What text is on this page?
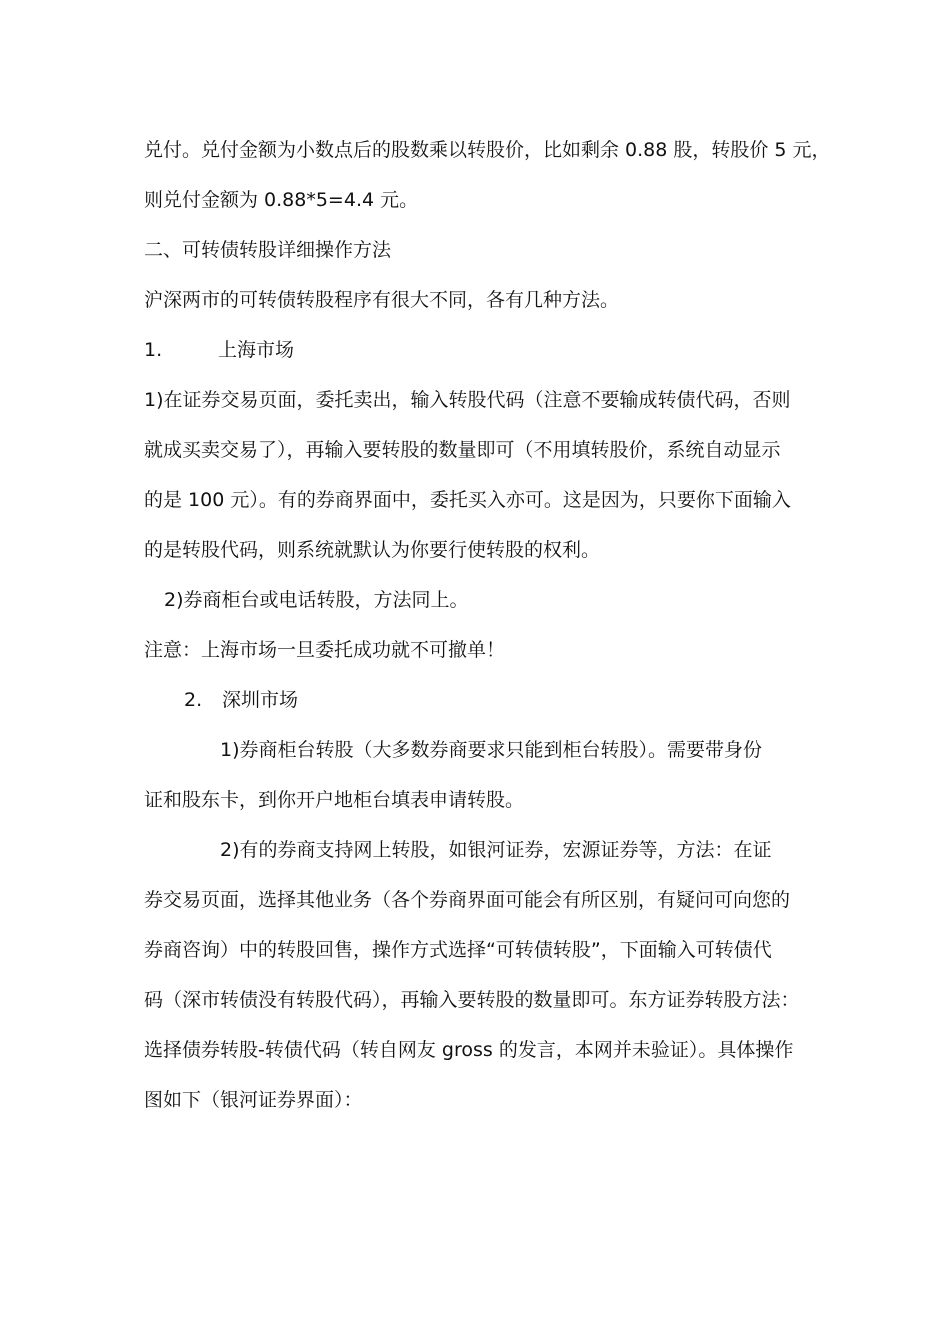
兑付。兑付金额为小数点后的股数乘以转股价，比如剩余 0.88 股，转股价 5 元，
则兑付金额为 0.88*5=4.4 元。
二、可转债转股详细操作方法
沪深两市的可转债转股程序有很大不同，各有几种方法。
1.	上海市场
1)在证券交易页面，委托卖出，输入转股代码（注意不要输成转债代码，否则
就成买卖交易了），再输入要转股的数量即可（不用填转股价，系统自动显示
的是 100 元）。有的券商界面中，委托买入亦可。这是因为，只要你下面输入
的是转股代码，则系统就默认为你要行使转股的权利。
2)券商柜台或电话转股，方法同上。
注意：上海市场一旦委托成功就不可撤单！
2. 深圳市场
1)券商柜台转股（大多数券商要求只能到柜台转股）。需要带身份
证和股东卡，到你开户地柜台填表申请转股。
2)有的券商支持网上转股，如银河证券，宏源证券等，方法：在证
券交易页面，选择其他业务（各个券商界面可能会有所区别，有疑问可向您的
券商咨询）中的转股回售，操作方式选择“可转债转股”，下面输入可转债代
码（深市转债没有转股代码），再输入要转股的数量即可。东方证券转股方法：
选择债券转股-转债代码（转自网友 gross 的发言，本网并未验证）。具体操作
图如下（银河证券界面）：
